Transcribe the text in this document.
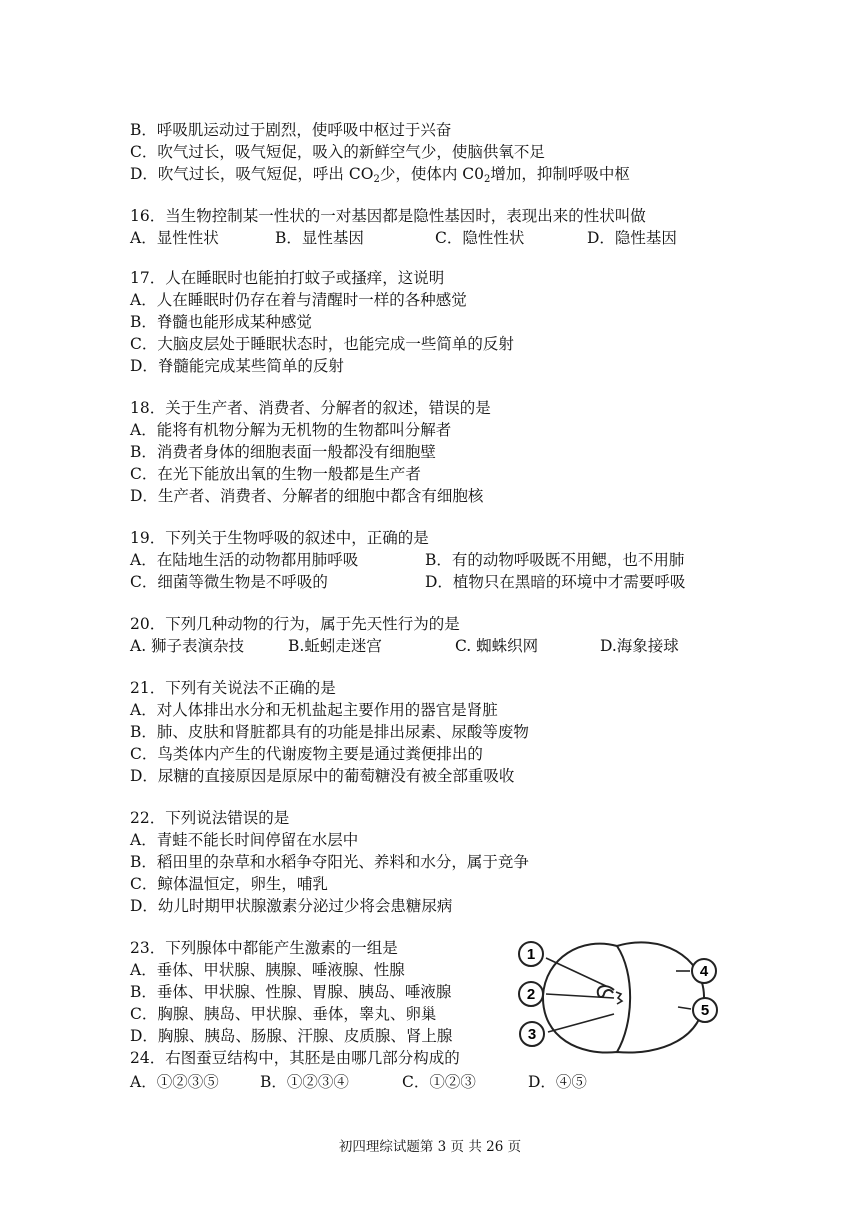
B．呼吸肌运动过于剧烈，使呼吸中枢过于兴奋
C．吹气过长，吸气短促，吸入的新鲜空气少，使脑供氧不足
D．吹气过长，吸气短促，呼出 $CO_2$少，使体内 $C0_2$增加，抑制呼吸中枢
16．当生物控制某一性状的一对基因都是隐性基因时，表现出来的性状叫做
A．显性性状	B．显性基因	C．隐性性状	D．隐性基因
17．人在睡眠时也能拍打蚊子或搔痒，这说明
A．人在睡眠时仍存在着与清醒时一样的各种感觉
B．脊髓也能形成某种感觉
C．大脑皮层处于睡眠状态时，也能完成一些简单的反射
D．脊髓能完成某些简单的反射
18．关于生产者、消费者、分解者的叙述，错误的是
A．能将有机物分解为无机物的生物都叫分解者
B．消费者身体的细胞表面一般都没有细胞壁
C．在光下能放出氧的生物一般都是生产者
D．生产者、消费者、分解者的细胞中都含有细胞核
19．下列关于生物呼吸的叙述中，正确的是
A．在陆地生活的动物都用肺呼吸	B．有的动物呼吸既不用鳃，也不用肺
C．细菌等微生物是不呼吸的	D．植物只在黑暗的环境中才需要呼吸
20．下列几种动物的行为，属于先天性行为的是
A. 狮子表演杂技	B.蚯蚓走迷宫	C. 蜘蛛织网	D.海象接球
21．下列有关说法不正确的是
A．对人体排出水分和无机盐起主要作用的器官是肾脏
B．肺、皮肤和肾脏都具有的功能是排出尿素、尿酸等废物
C．鸟类体内产生的代谢废物主要是通过粪便排出的
D．尿糖的直接原因是原尿中的葡萄糖没有被全部重吸收
22．下列说法错误的是
A．青蛙不能长时间停留在水层中
B．稻田里的杂草和水稻争夺阳光、养料和水分，属于竞争
C．鲸体温恒定，卵生，哺乳
D．幼儿时期甲状腺激素分泌过少将会患糖尿病
23．下列腺体中都能产生激素的一组是
A．垂体、甲状腺、胰腺、唾液腺、性腺
B．垂体、甲状腺、性腺、胃腺、胰岛、唾液腺
C．胸腺、胰岛、甲状腺、垂体，睾丸、卵巢
D．胸腺、胰岛、肠腺、汗腺、皮质腺、肾上腺
24．右图蚕豆结构中，其胚是由哪几部分构成的
A．①②③⑤	B．①②③④	C．①②③	D．④⑤
1
2
3
4
5
初四理综试题第 3 页 共 26 页
